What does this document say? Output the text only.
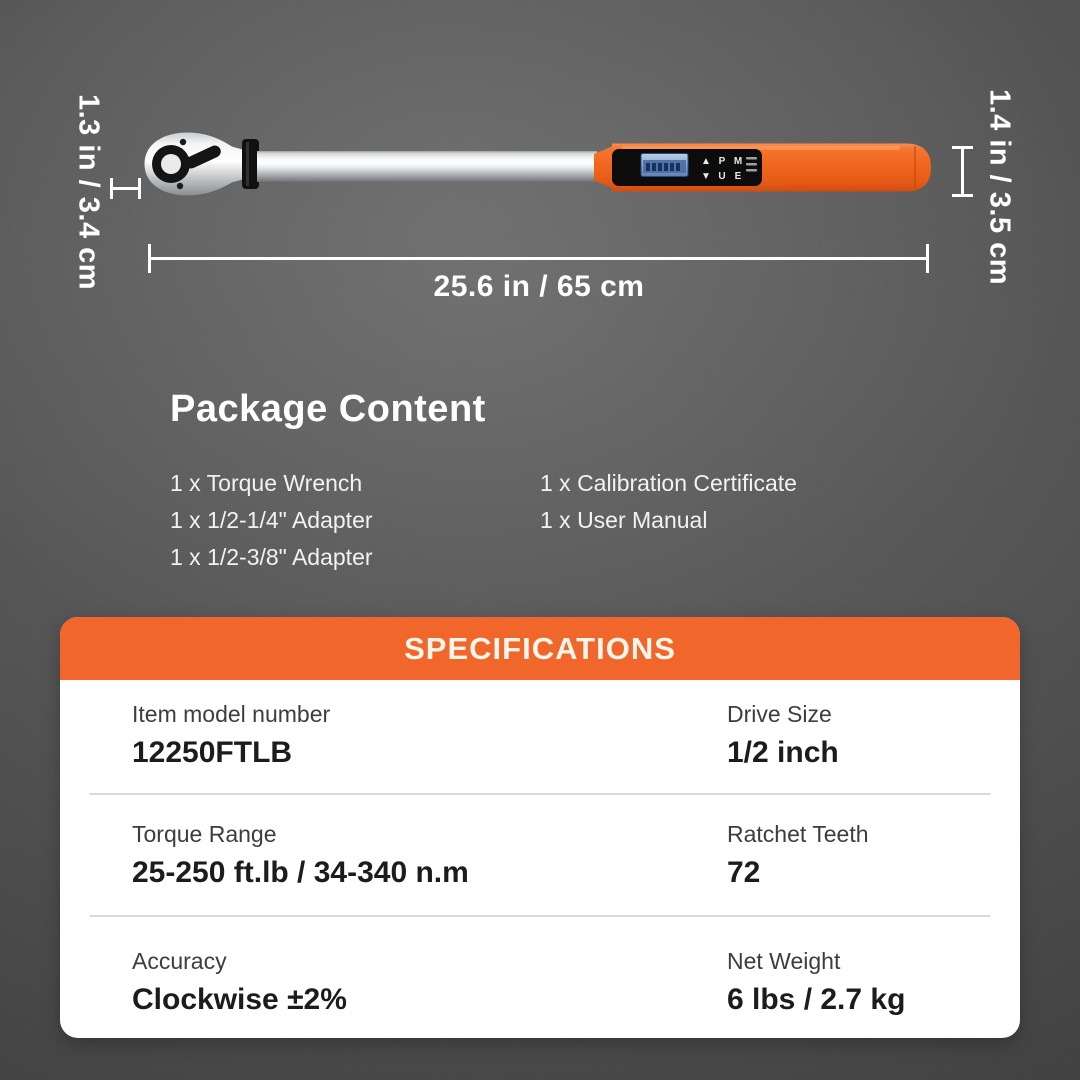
▲ P M
▼ U E
1.3 in / 3.4 cm	1.4 in / 3.5 cm
25.6 in / 65 cm
Package Content
1 x Torque Wrench
1 x 1/2-1/4" Adapter
1 x 1/2-3/8" Adapter
1 x Calibration Certificate
1 x User Manual
SPECIFICATIONS
Item model number
12250FTLB
Drive Size
1/2 inch
Torque Range
25-250 ft.lb / 34-340 n.m
Ratchet Teeth
72
Accuracy
Clockwise ±2%
Net Weight
6 lbs / 2.7 kg
